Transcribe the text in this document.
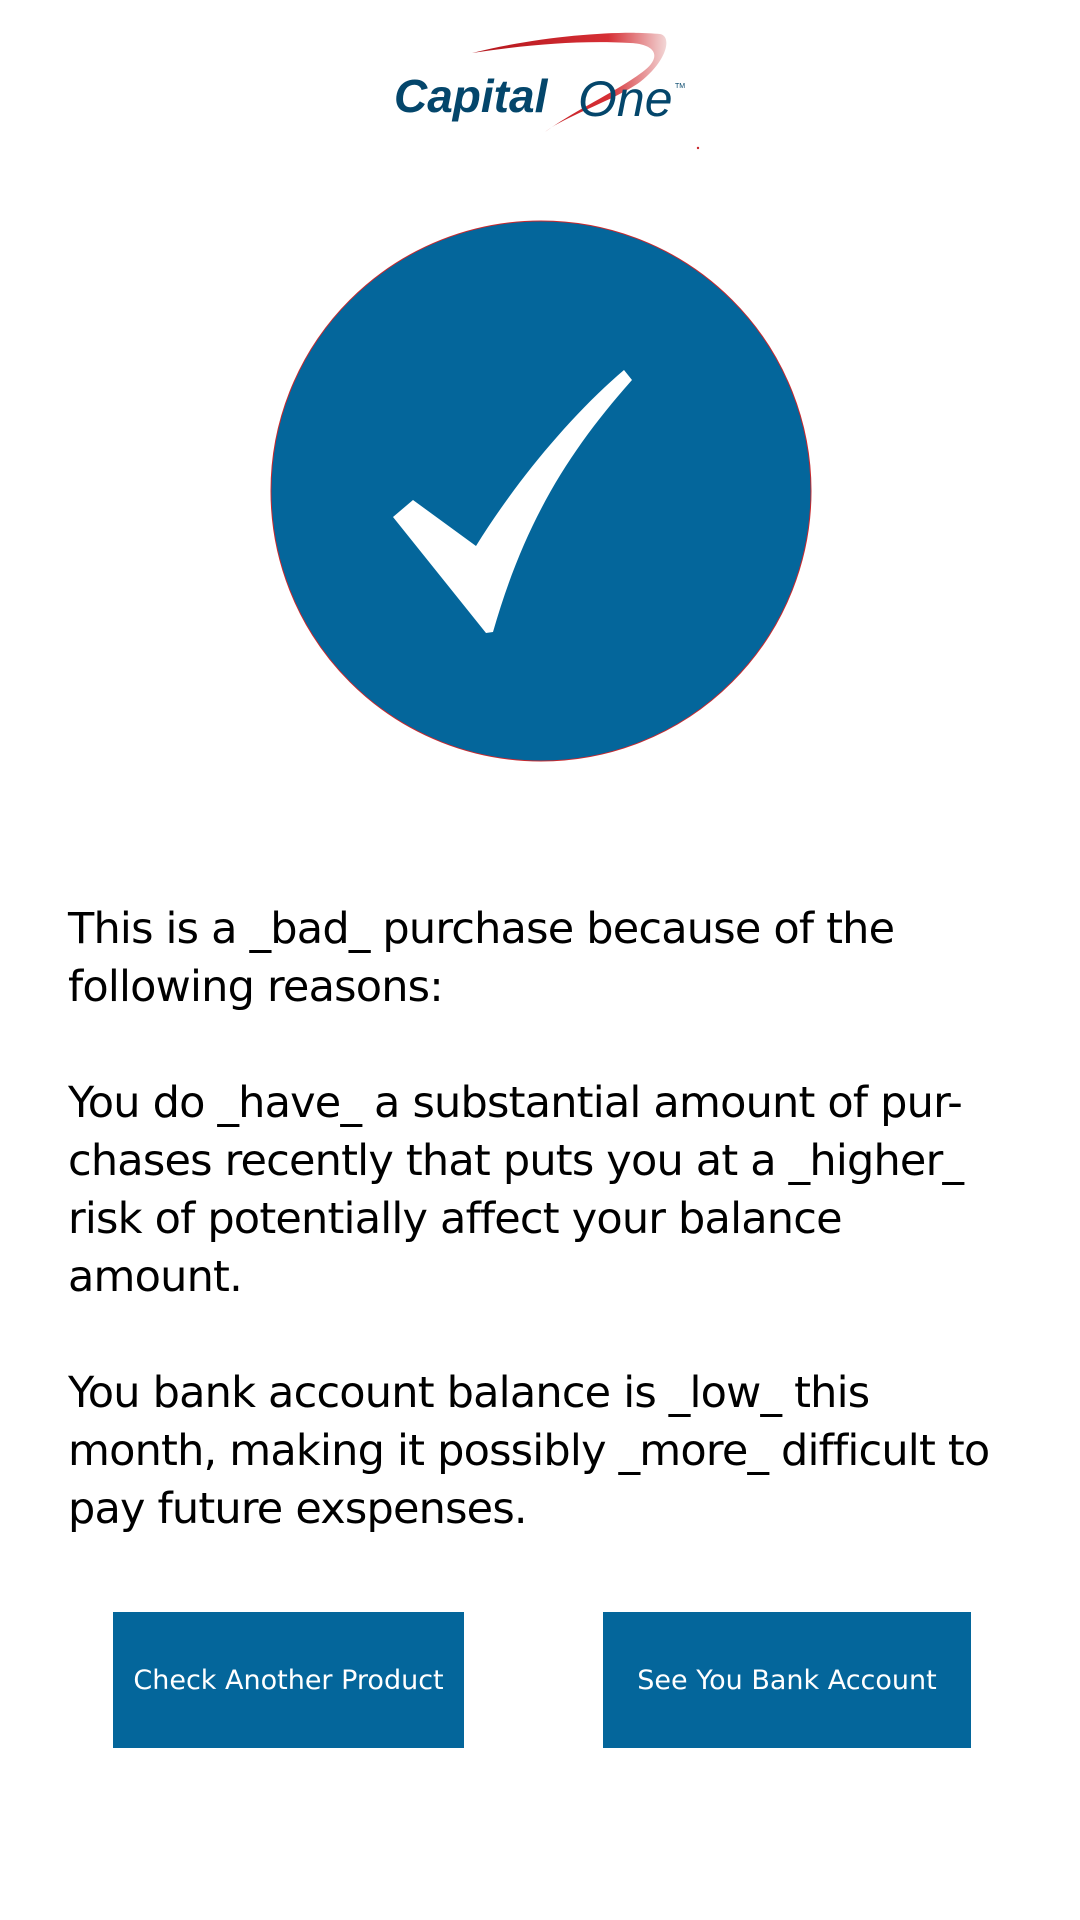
Capital One TM

This is a _bad_ purchase because of the following reasons:

You do _have_ a substantial amount of pur-chases recently that puts you at a _higher_ risk of potentially affect your balance amount.

You bank account balance is _low_ this month, making it possibly _more_ difficult to pay future exspenses.

Check Another Product	See You Bank Account
